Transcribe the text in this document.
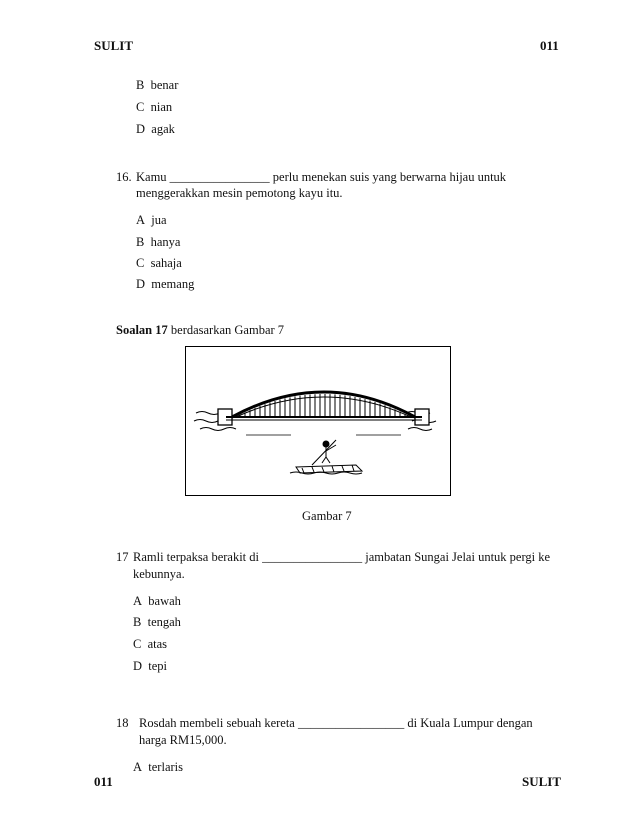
SULIT	011
B benar
C nian
D agak
16. Kamu ________________ perlu menekan suis yang berwarna hijau untuk
menggerakkan mesin pemotong kayu itu.
A jua
B hanya
C sahaja
D memang
Soalan 17 berdasarkan Gambar 7
Gambar 7
17 Ramli terpaksa berakit di ________________ jambatan Sungai Jelai untuk pergi ke
kebunnya.
A bawah
B tengah
C atas
D tepi
18 Rosdah membeli sebuah kereta _________________ di Kuala Lumpur dengan
harga RM15,000.
A terlaris
011	SULIT
